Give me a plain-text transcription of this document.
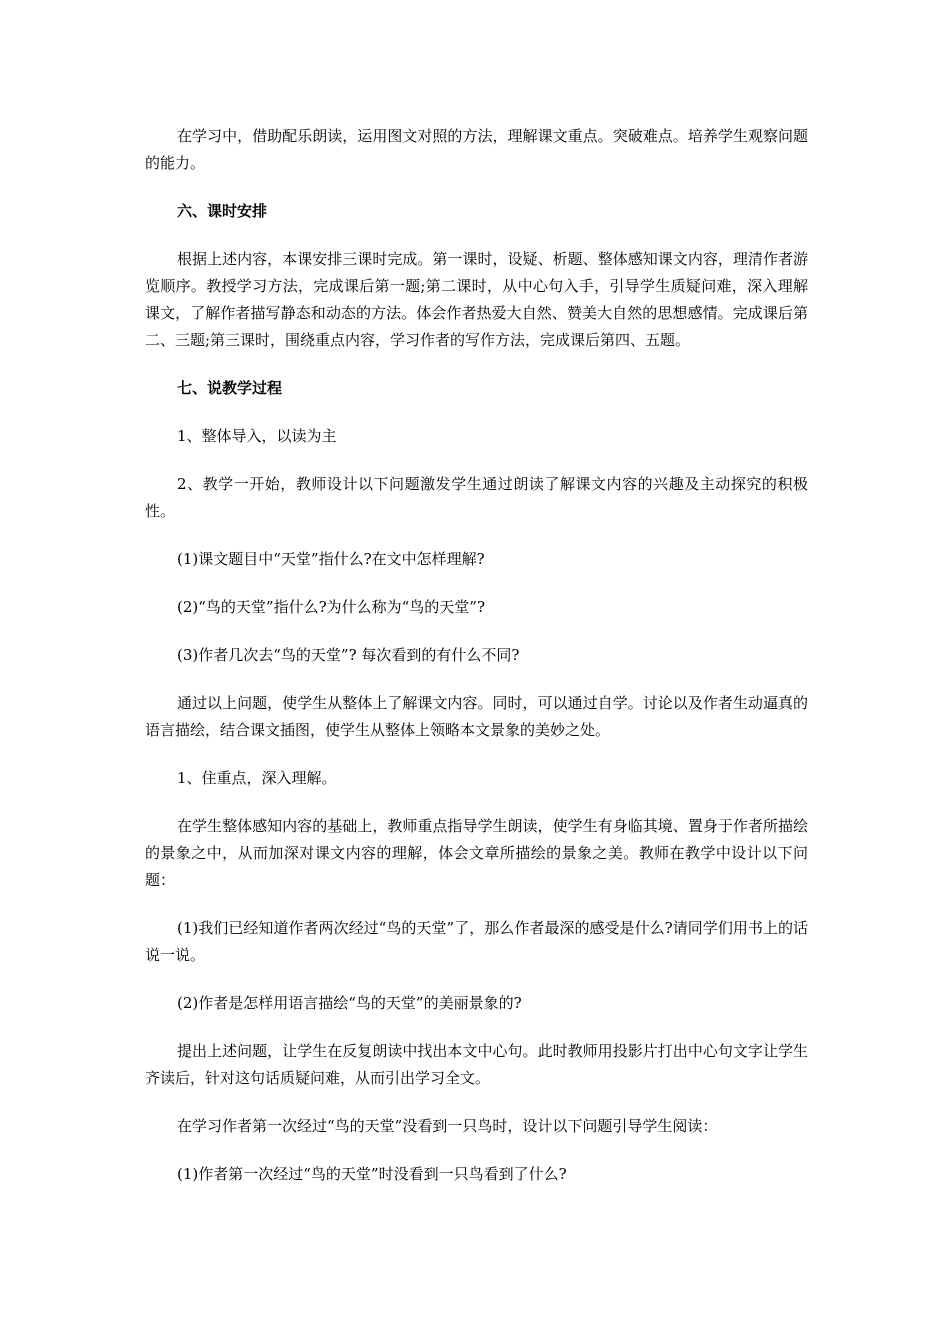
在学习中，借助配乐朗读，运用图文对照的方法，理解课文重点。突破难点。培养学生观察问题的能力。

六、课时安排

根据上述内容，本课安排三课时完成。第一课时，设疑、析题、整体感知课文内容，理清作者游览顺序。教授学习方法，完成课后第一题;第二课时，从中心句入手，引导学生质疑问难，深入理解课文，了解作者描写静态和动态的方法。体会作者热爱大自然、赞美大自然的思想感情。完成课后第二、三题;第三课时，围绕重点内容，学习作者的写作方法，完成课后第四、五题。

七、说教学过程

1、整体导入，以读为主

2、教学一开始，教师设计以下问题激发学生通过朗读了解课文内容的兴趣及主动探究的积极性。

(1)课文题目中“天堂”指什么?在文中怎样理解?

(2)“鸟的天堂”指什么?为什么称为“鸟的天堂”?

(3)作者几次去“鸟的天堂”? 每次看到的有什么不同?

通过以上问题，使学生从整体上了解课文内容。同时，可以通过自学。讨论以及作者生动逼真的语言描绘，结合课文插图，使学生从整体上领略本文景象的美妙之处。

1、住重点，深入理解。

在学生整体感知内容的基础上，教师重点指导学生朗读，使学生有身临其境、置身于作者所描绘的景象之中，从而加深对课文内容的理解，体会文章所描绘的景象之美。教师在教学中设计以下问题：

(1)我们已经知道作者两次经过“鸟的天堂”了，那么作者最深的感受是什么?请同学们用书上的话说一说。

(2)作者是怎样用语言描绘“鸟的天堂”的美丽景象的?

提出上述问题，让学生在反复朗读中找出本文中心句。此时教师用投影片打出中心句文字让学生齐读后，针对这句话质疑问难，从而引出学习全文。

在学习作者第一次经过“鸟的天堂”没看到一只鸟时，设计以下问题引导学生阅读：

(1)作者第一次经过“鸟的天堂”时没看到一只鸟看到了什么?
